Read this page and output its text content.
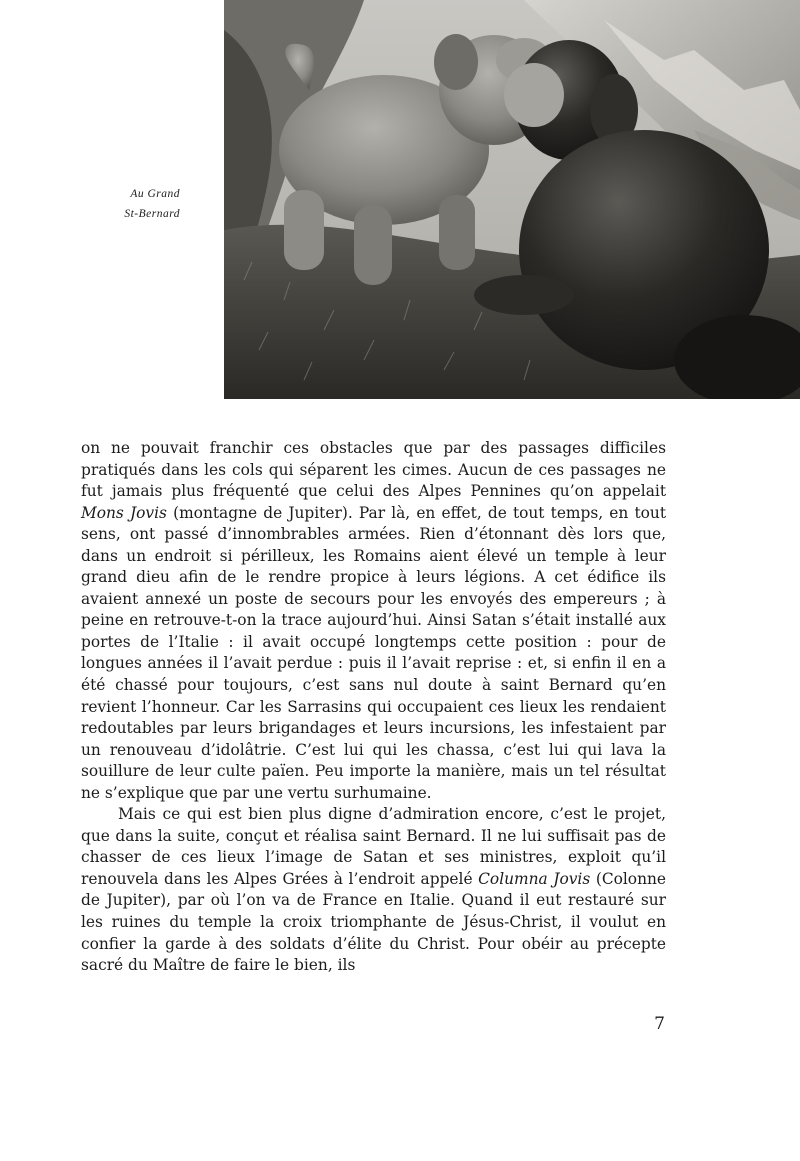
Au Grand
St-Bernard

on ne pouvait franchir ces obstacles que par des passages difficiles pratiqués dans les cols qui séparent les cimes. Aucun de ces passages ne fut jamais plus fréquenté que celui des Alpes Pennines qu’on appelait Mons Jovis (montagne de Jupiter). Par là, en effet, de tout temps, en tout sens, ont passé d’innombrables armées. Rien d’étonnant dès lors que, dans un endroit si périlleux, les Romains aient élevé un temple à leur grand dieu afin de le rendre propice à leurs légions. A cet édifice ils avaient annexé un poste de secours pour les envoyés des empereurs ; à peine en retrouve-t-on la trace aujourd’hui. Ainsi Satan s’était installé aux portes de l’Italie : il avait occupé longtemps cette position : pour de longues années il l’avait perdue : puis il l’avait reprise : et, si enfin il en a été chassé pour toujours, c’est sans nul doute à saint Bernard qu’en revient l’honneur. Car les Sarrasins qui occupaient ces lieux les rendaient redoutables par leurs brigandages et leurs incursions, les infestaient par un renouveau d’idolâtrie. C’est lui qui les chassa, c’est lui qui lava la souillure de leur culte païen. Peu importe la manière, mais un tel résultat ne s’explique que par une vertu surhumaine.

Mais ce qui est bien plus digne d’admiration encore, c’est le projet, que dans la suite, conçut et réalisa saint Bernard. Il ne lui suffisait pas de chasser de ces lieux l’image de Satan et ses ministres, exploit qu’il renouvela dans les Alpes Grées à l’endroit appelé Columna Jovis (Colonne de Jupiter), par où l’on va de France en Italie. Quand il eut restauré sur les ruines du temple la croix triomphante de Jésus-Christ, il voulut en confier la garde à des soldats d’élite du Christ. Pour obéir au précepte sacré du Maître de faire le bien, ils

7
